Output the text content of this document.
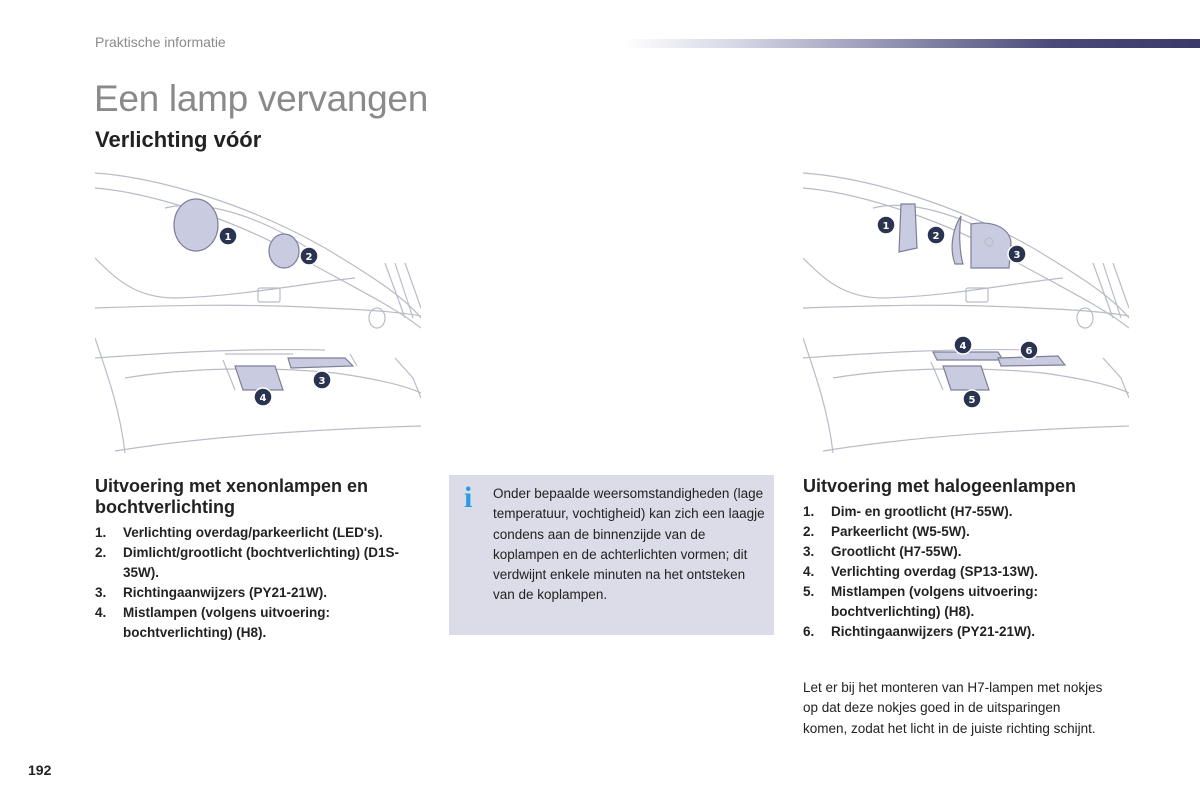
Praktische informatie
Een lamp vervangen
Verlichting vóór
1
2
3
4
1
2
3
4
5
6
Uitvoering met xenonlampen en bochtverlichting
1. Verlichting overdag/parkeerlicht (LED's).
2. Dimlicht/grootlicht (bochtverlichting) (D1S-35W).
3. Richtingaanwijzers (PY21-21W).
4. Mistlampen (volgens uitvoering: bochtverlichting) (H8).
i Onder bepaalde weersomstandigheden (lage temperatuur, vochtigheid) kan zich een laagje condens aan de binnenzijde van de koplampen en de achterlichten vormen; dit verdwijnt enkele minuten na het ontsteken van de koplampen.

Uitvoering met halogeenlampen
1. Dim- en grootlicht (H7-55W).
2. Parkeerlicht (W5-5W).
3. Grootlicht (H7-55W).
4. Verlichting overdag (SP13-13W).
5. Mistlampen (volgens uitvoering: bochtverlichting) (H8).
6. Richtingaanwijzers (PY21-21W).

Let er bij het monteren van H7-lampen met nokjes op dat deze nokjes goed in de uitsparingen komen, zodat het licht in de juiste richting schijnt.

192
